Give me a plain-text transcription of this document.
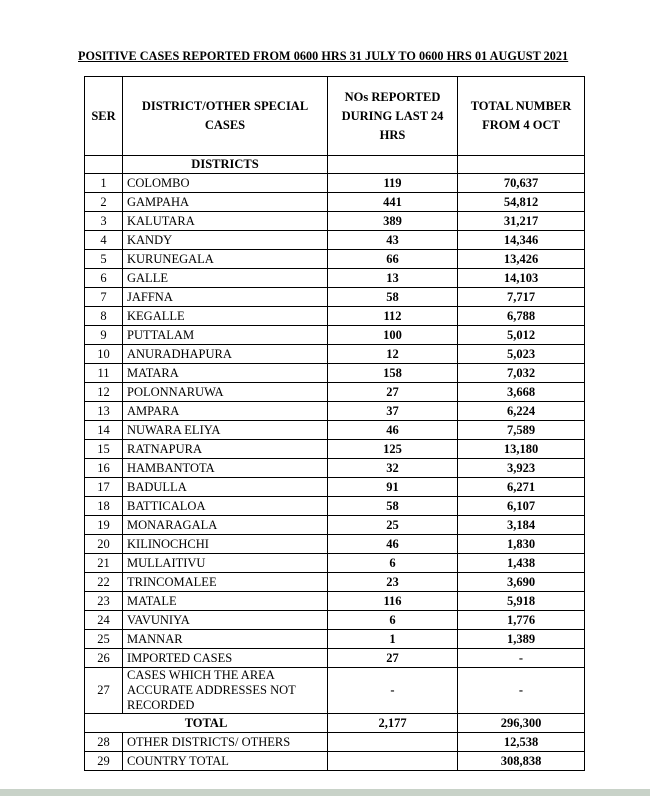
POSITIVE CASES REPORTED FROM 0600 HRS 31 JULY TO 0600 HRS 01 AUGUST 2021
SER	DISTRICT/OTHER SPECIAL CASES	NOs REPORTED DURING LAST 24 HRS	TOTAL NUMBER FROM 4 OCT
	DISTRICTS		
1	COLOMBO	119	70,637
2	GAMPAHA	441	54,812
3	KALUTARA	389	31,217
4	KANDY	43	14,346
5	KURUNEGALA	66	13,426
6	GALLE	13	14,103
7	JAFFNA	58	7,717
8	KEGALLE	112	6,788
9	PUTTALAM	100	5,012
10	ANURADHAPURA	12	5,023
11	MATARA	158	7,032
12	POLONNARUWA	27	3,668
13	AMPARA	37	6,224
14	NUWARA ELIYA	46	7,589
15	RATNAPURA	125	13,180
16	HAMBANTOTA	32	3,923
17	BADULLA	91	6,271
18	BATTICALOA	58	6,107
19	MONARAGALA	25	3,184
20	KILINOCHCHI	46	1,830
21	MULLAITIVU	6	1,438
22	TRINCOMALEE	23	3,690
23	MATALE	116	5,918
24	VAVUNIYA	6	1,776
25	MANNAR	1	1,389
26	IMPORTED CASES	27	-
27	CASES WHICH THE AREA ACCURATE ADDRESSES NOT RECORDED	-	-
TOTAL		2,177	296,300
28	OTHER DISTRICTS/ OTHERS		12,538
29	COUNTRY TOTAL		308,838
